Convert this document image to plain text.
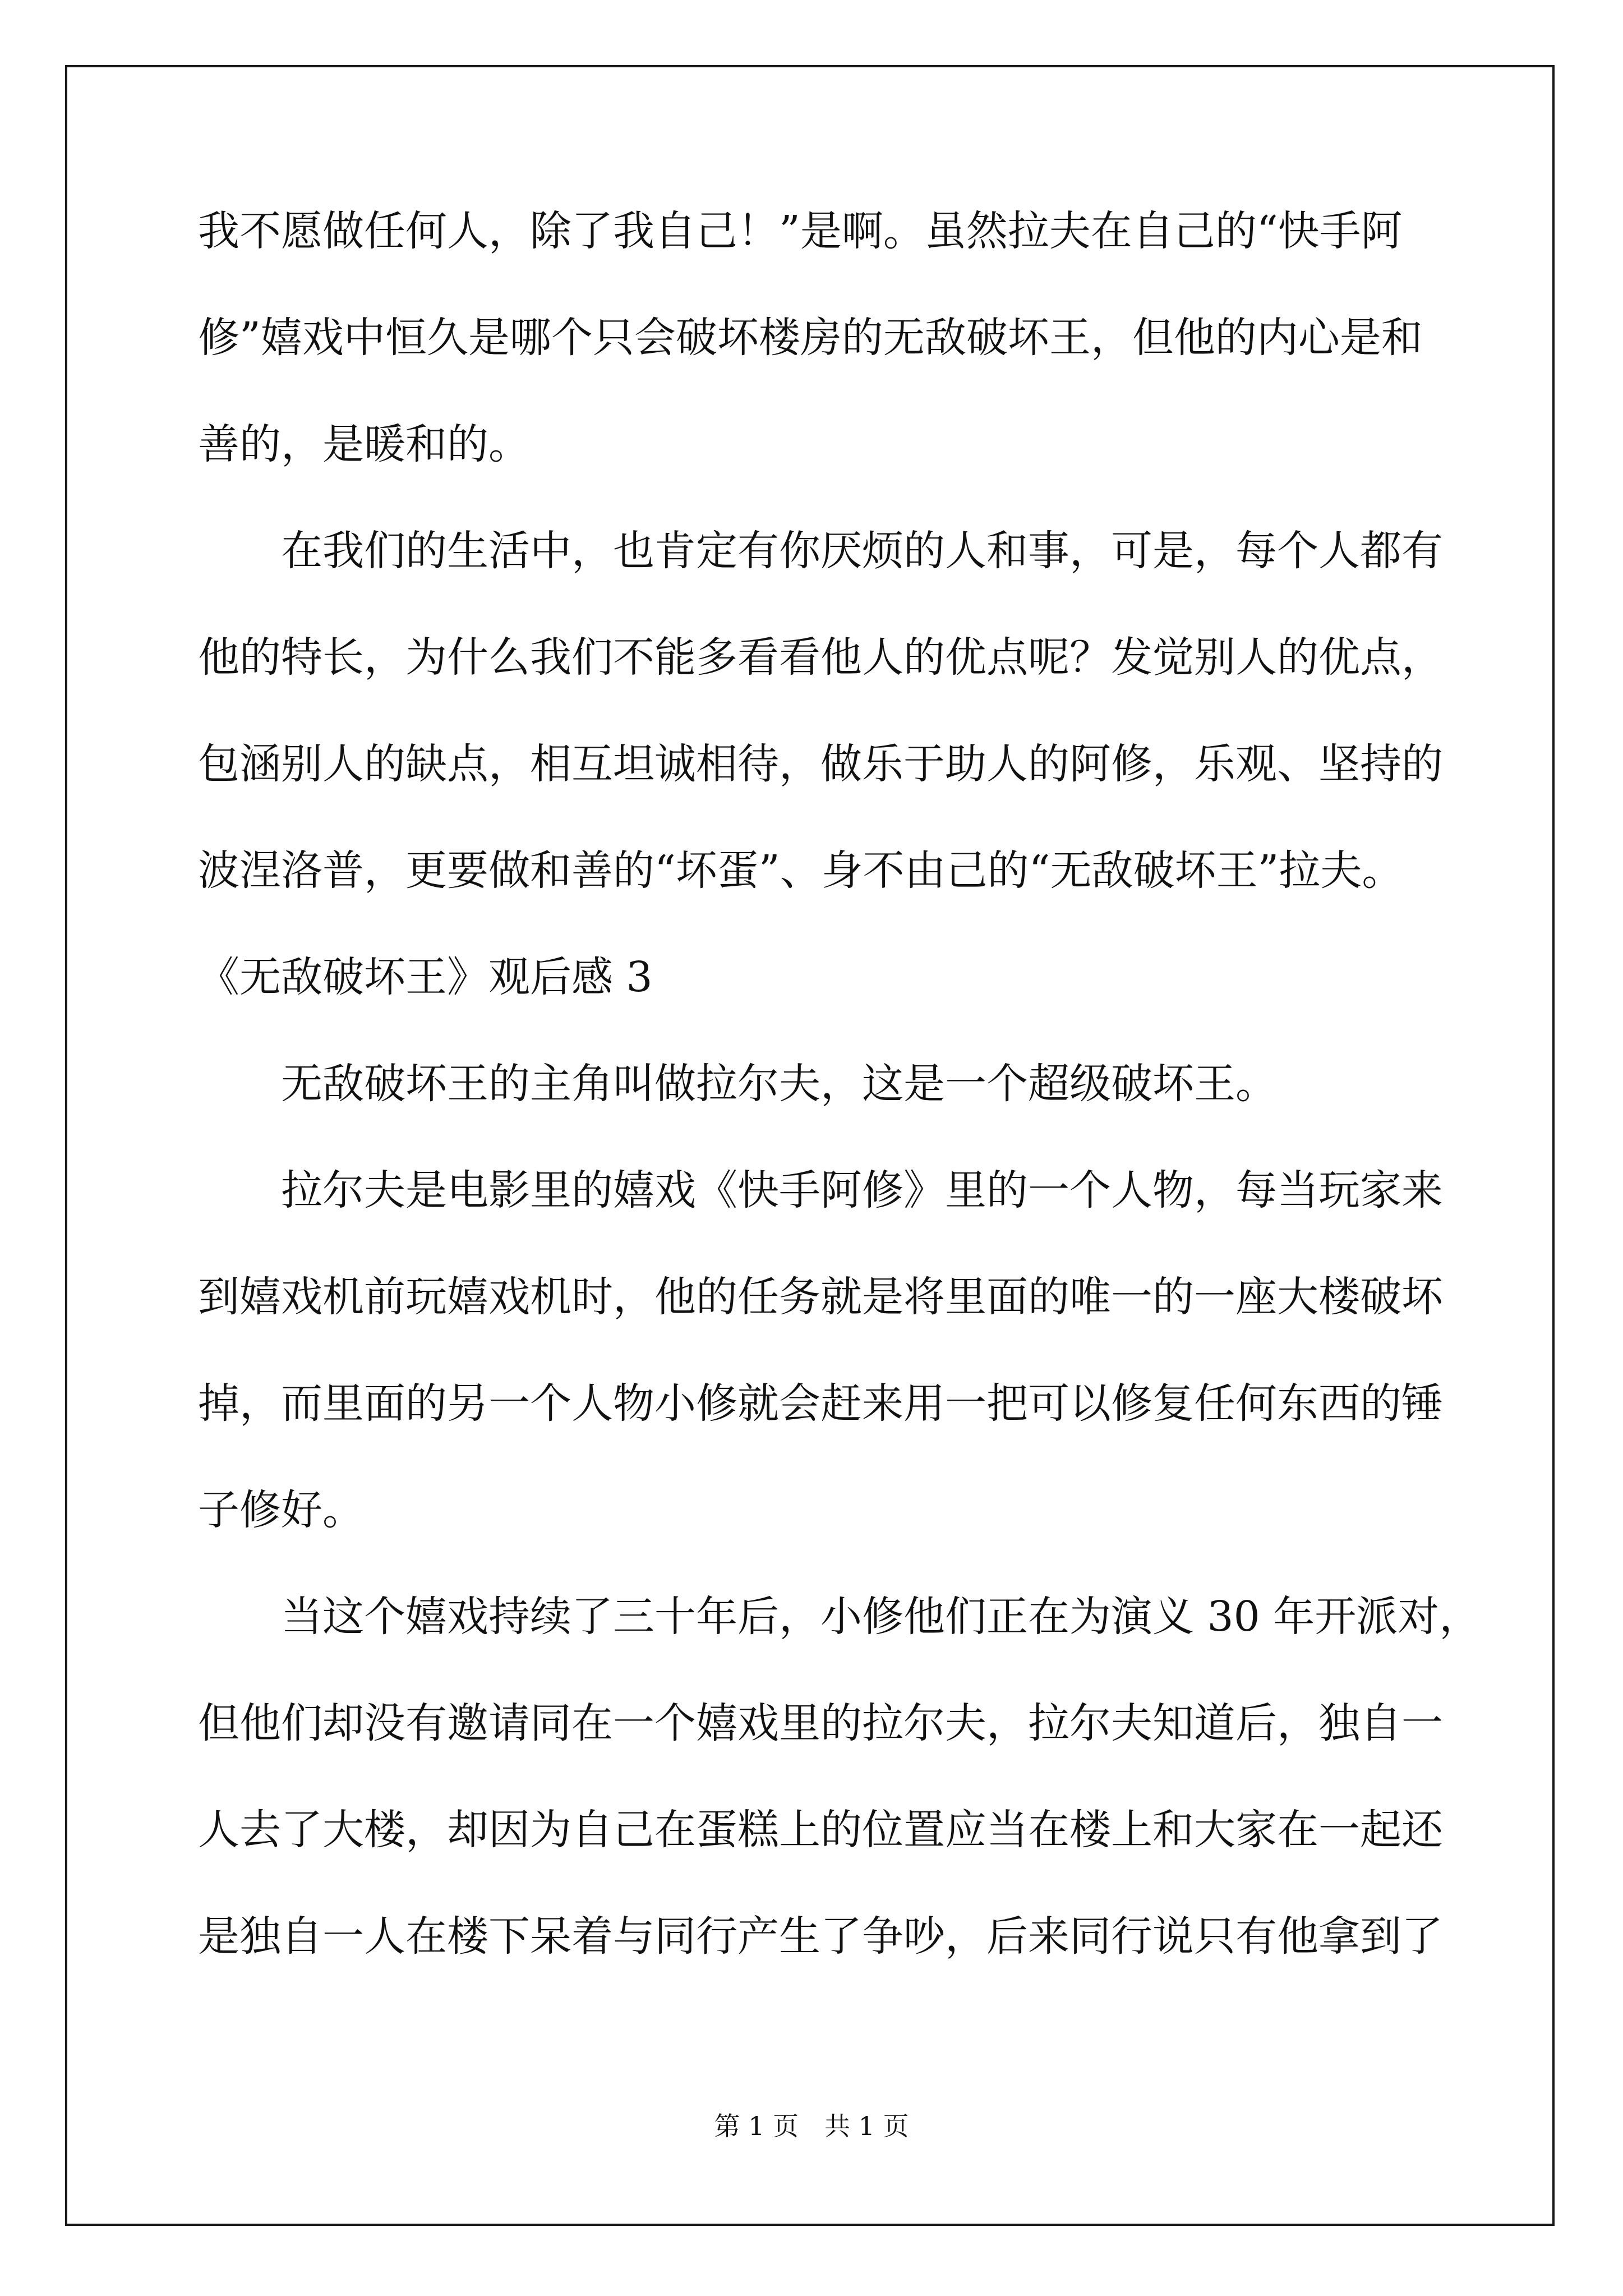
我不愿做任何人，除了我自己！”是啊。虽然拉夫在自己的“快手阿
修”嬉戏中恒久是哪个只会破坏楼房的无敌破坏王，但他的内心是和
善的，是暖和的。
在我们的生活中，也肯定有你厌烦的人和事，可是，每个人都有
他的特长，为什么我们不能多看看他人的优点呢？发觉别人的优点，
包涵别人的缺点，相互坦诚相待，做乐于助人的阿修，乐观、坚持的
波涅洛普，更要做和善的“坏蛋”、身不由己的“无敌破坏王”拉夫。
《无敌破坏王》观后感 3
无敌破坏王的主角叫做拉尔夫，这是一个超级破坏王。
拉尔夫是电影里的嬉戏《快手阿修》里的一个人物，每当玩家来
到嬉戏机前玩嬉戏机时，他的任务就是将里面的唯一的一座大楼破坏
掉，而里面的另一个人物小修就会赶来用一把可以修复任何东西的锤
子修好。
当这个嬉戏持续了三十年后，小修他们正在为演义 30 年开派对，
但他们却没有邀请同在一个嬉戏里的拉尔夫，拉尔夫知道后，独自一
人去了大楼，却因为自己在蛋糕上的位置应当在楼上和大家在一起还
是独自一人在楼下呆着与同行产生了争吵，后来同行说只有他拿到了
第 1 页　共 1 页
